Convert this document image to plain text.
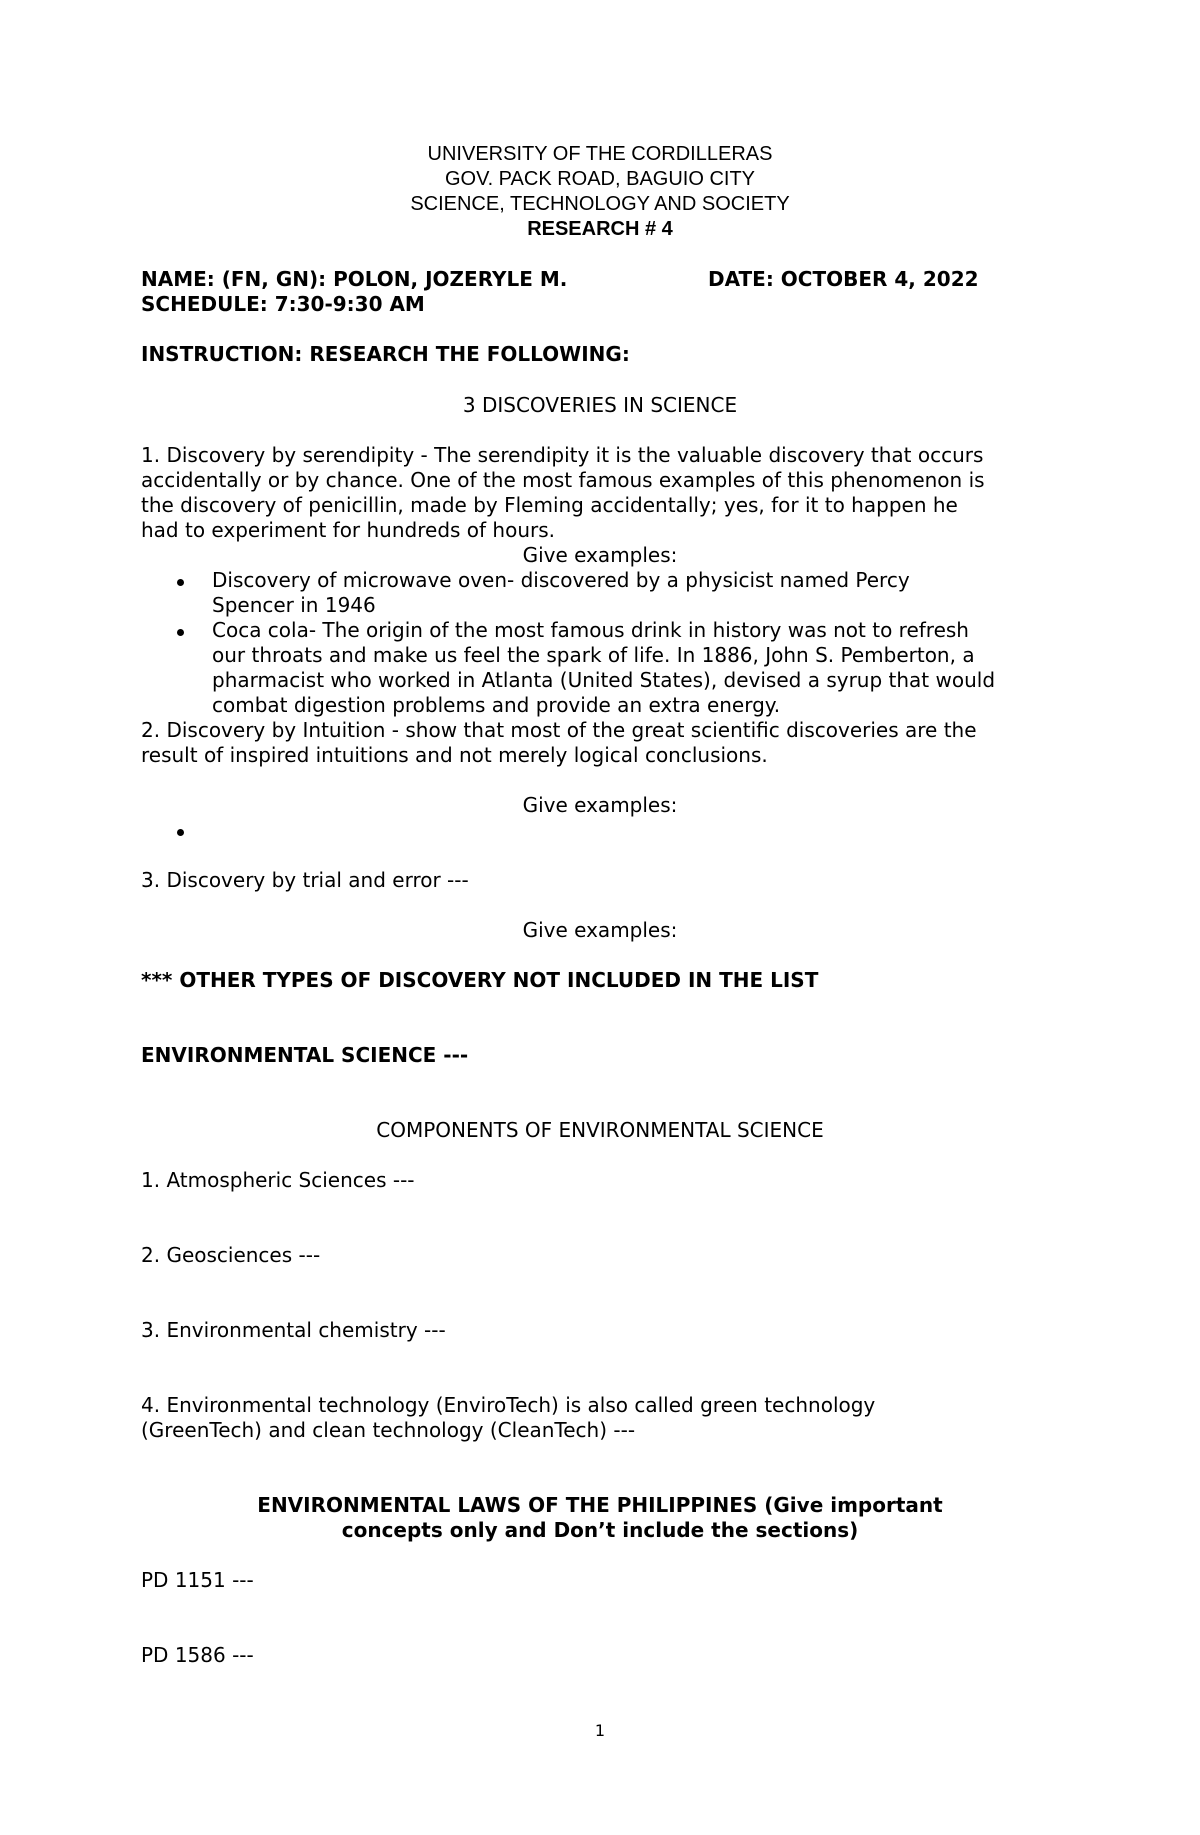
UNIVERSITY OF THE CORDILLERAS
GOV. PACK ROAD, BAGUIO CITY
SCIENCE, TECHNOLOGY AND SOCIETY
RESEARCH # 4
NAME: (FN, GN): POLON, JOZERYLE M.	DATE: OCTOBER 4, 2022
SCHEDULE: 7:30-9:30 AM
INSTRUCTION: RESEARCH THE FOLLOWING:
3 DISCOVERIES IN SCIENCE
1. Discovery by serendipity - The serendipity it is the valuable discovery that occurs
accidentally or by chance. One of the most famous examples of this phenomenon is
the discovery of penicillin, made by Fleming accidentally; yes, for it to happen he
had to experiment for hundreds of hours.
Give examples:
Discovery of microwave oven- discovered by a physicist named Percy
Spencer in 1946
Coca cola- The origin of the most famous drink in history was not to refresh
our throats and make us feel the spark of life. In 1886, John S. Pemberton, a
pharmacist who worked in Atlanta (United States), devised a syrup that would
combat digestion problems and provide an extra energy.
2. Discovery by Intuition - show that most of the great scientific discoveries are the
result of inspired intuitions and not merely logical conclusions.
Give examples:
3. Discovery by trial and error ---
Give examples:
*** OTHER TYPES OF DISCOVERY NOT INCLUDED IN THE LIST
ENVIRONMENTAL SCIENCE ---
COMPONENTS OF ENVIRONMENTAL SCIENCE
1. Atmospheric Sciences ---
2. Geosciences ---
3. Environmental chemistry ---
4. Environmental technology (EnviroTech) is also called green technology
(GreenTech) and clean technology (CleanTech) ---
ENVIRONMENTAL LAWS OF THE PHILIPPINES (Give important
concepts only and Don’t include the sections)
PD 1151 ---
PD 1586 ---
1
